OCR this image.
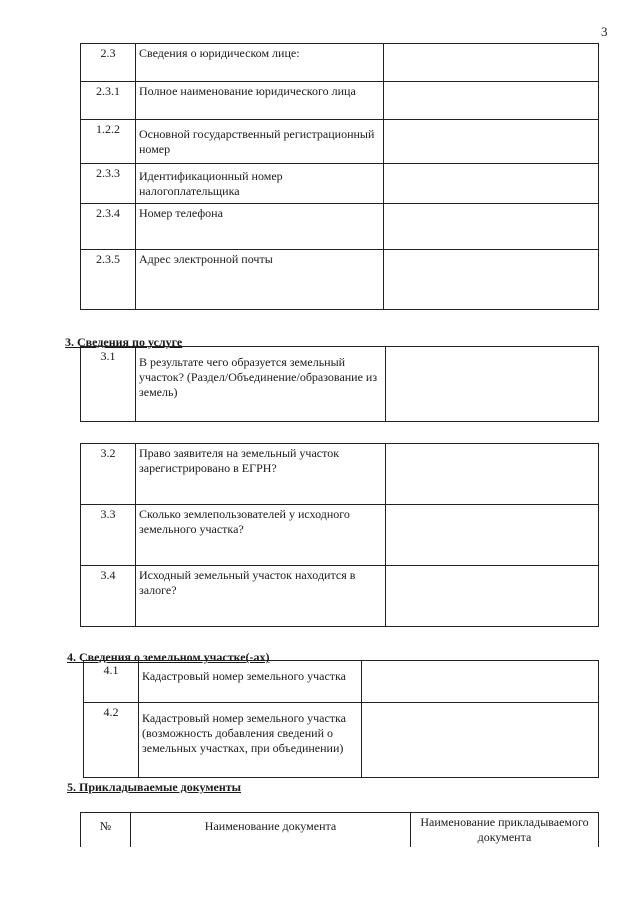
3
2.3	Сведения о юридическом лице:	
2.3.1	Полное наименование юридического лица	
1.2.2	Основной государственный регистрационный номер	
2.3.3	Идентификационный номер налогоплательщика	
2.3.4	Номер телефона	
2.3.5	Адрес электронной почты	
3. Сведения по услуге
3.1	В результате чего образуется земельный участок? (Раздел/Объединение/образование из земель)	
3.2	Право заявителя на земельный участок зарегистрировано в ЕГРН?	
3.3	Сколько землепользователей у исходного земельного участка?	
3.4	Исходный земельный участок находится в залоге?	
4. Сведения о земельном участке(-ах)
4.1	Кадастровый номер земельного участка	
4.2	Кадастровый номер земельного участка (возможность добавления сведений о земельных участках, при объединении)	
5. Прикладываемые документы
№	Наименование документа	Наименование прикладываемого документа
